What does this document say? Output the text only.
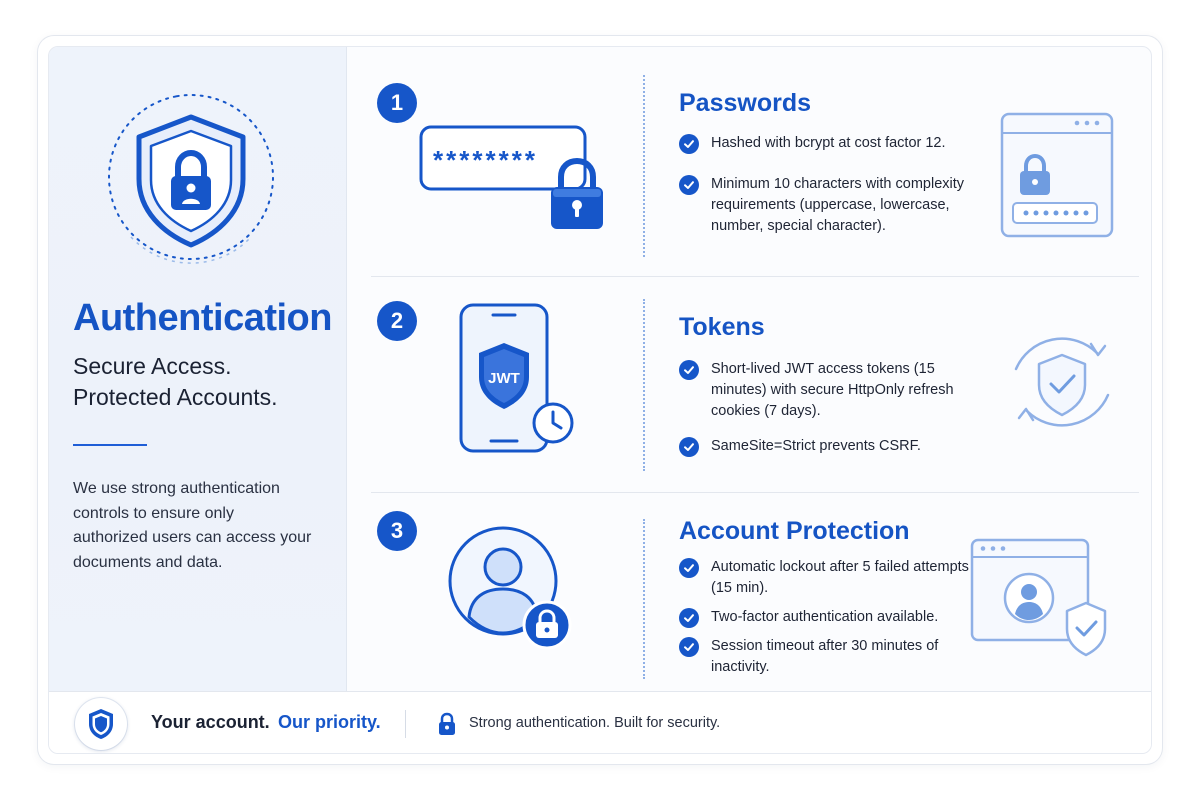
Authentication
Secure Access.
Protected Accounts.
We use strong authentication controls to ensure only authorized users can access your documents and data.
1
********
Passwords
Hashed with bcrypt at cost factor 12.
Minimum 10 characters with complexity requirements (uppercase, lowercase, number, special character).
2
JWT
Tokens
Short-lived JWT access tokens (15 minutes) with secure HttpOnly refresh cookies (7 days).
SameSite=Strict prevents CSRF.
3	Account Protection
Automatic lockout after 5 failed attempts (15 min).
Two-factor authentication available.
Session timeout after 30 minutes of inactivity.
Your account. Our priority.	Strong authentication. Built for security.
